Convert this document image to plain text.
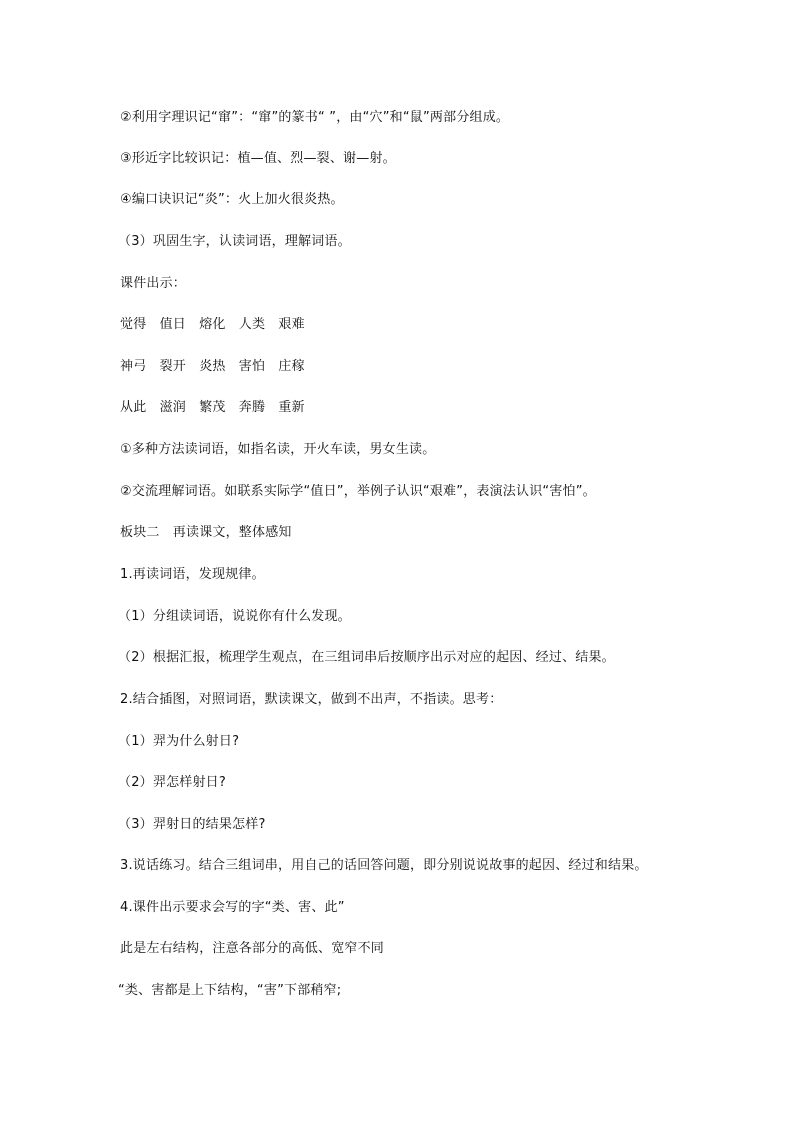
②利用字理识记“窜”：“窜”的篆书“ ”，由“穴”和“鼠”两部分组成。
③形近字比较识记：植—值、烈—裂、谢—射。
④编口诀识记“炎”：火上加火很炎热。
（3）巩固生字，认读词语，理解词语。
课件出示：
觉得　值日　熔化　人类　艰难
神弓　裂开　炎热　害怕　庄稼
从此　滋润　繁茂　奔腾　重新
①多种方法读词语，如指名读，开火车读，男女生读。
②交流理解词语。如联系实际学“值日”，举例子认识“艰难”，表演法认识“害怕”。
板块二　再读课文，整体感知
1.再读词语，发现规律。
（1）分组读词语，说说你有什么发现。
（2）根据汇报，梳理学生观点，在三组词串后按顺序出示对应的起因、经过、结果。
2.结合插图，对照词语，默读课文，做到不出声，不指读。思考：
（1）羿为什么射日?
（2）羿怎样射日?
（3）羿射日的结果怎样?
3.说话练习。结合三组词串，用自己的话回答问题，即分别说说故事的起因、经过和结果。
4.课件出示要求会写的字“类、害、此”
此是左右结构，注意各部分的高低、宽窄不同
“类、害都是上下结构，“害”下部稍窄;
